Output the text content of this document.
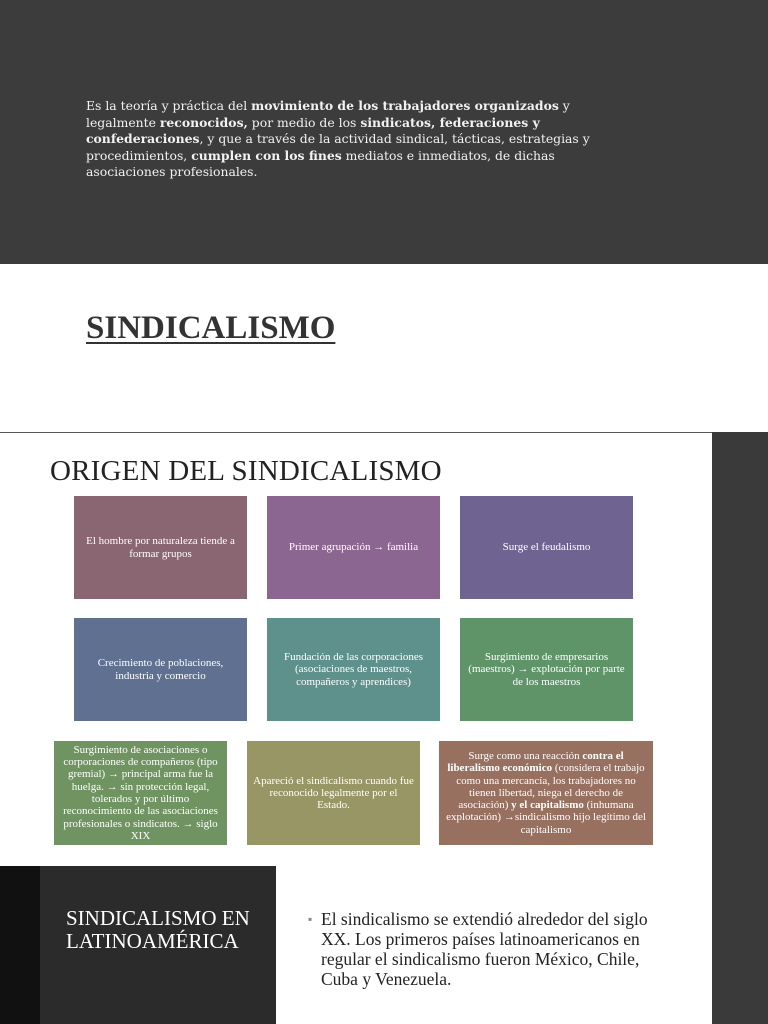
Es la teoría y práctica del movimiento de los trabajadores organizados y legalmente reconocidos, por medio de los sindicatos, federaciones y confederaciones, y que a través de la actividad sindical, tácticas, estrategias y procedimientos, cumplen con los fines mediatos e inmediatos, de dichas asociaciones profesionales.

SINDICALISMO
ORIGEN DEL SINDICALISMO
El hombre por naturaleza tiende a formar grupos
Primer agrupación → familia	Surge el feudalismo
Crecimiento de poblaciones, industria y comercio
Fundación de las corporaciones (asociaciones de maestros, compañeros y aprendices)
Surgimiento de empresarios (maestros) → explotación por parte de los maestros
Surgimiento de asociaciones o corporaciones de compañeros (tipo gremial) → principal arma fue la huelga. → sin protección legal, tolerados y por último reconocimiento de las asociaciones profesionales o sindicatos. → siglo XIX
Apareció el sindicalismo cuando fue reconocido legalmente por el Estado.
Surge como una reacción contra el liberalismo económico (considera el trabajo como una mercancía, los trabajadores no tienen libertad, niega el derecho de asociación) y el capitalismo (inhumana explotación) →sindicalismo hijo legítimo del capitalismo
SINDICALISMO EN LATINOAMÉRICA
▪ El sindicalismo se extendió alrededor del siglo XX. Los primeros países latinoamericanos en regular el sindicalismo fueron México, Chile, Cuba y Venezuela.
